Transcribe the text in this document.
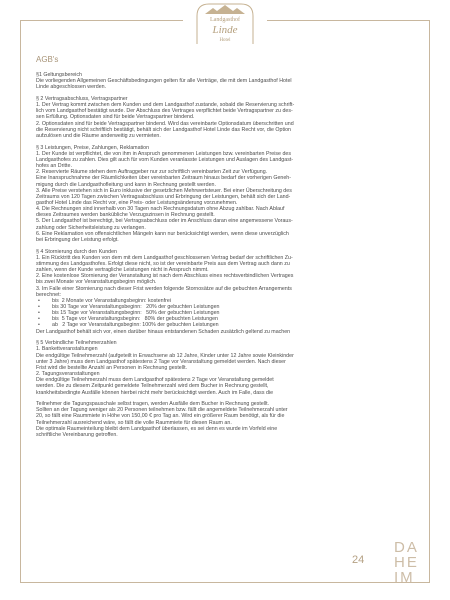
Landgasthof
Linde
Hotel
AGB's

§1 Geltungsbereich

Die vorliegenden Allgemeinen Geschäftsbedingungen gelten für alle Verträge, die mit dem Landgasthof Hotel

Linde abgeschlossen werden.

§ 2 Vertragsabschluss, Vertragspartner

1. Der Vertrag kommt zwischen dem Kunden und dem Landgasthof zustande, sobald die Reservierung schrift-

lich vom Landgasthof bestätigt wurde. Der Abschluss des Vertrages verpflichtet beide Vertragspartner zu des-

sen Erfüllung. Optionsdaten sind für beide Vertragspartner bindend.

2. Optionsdaten sind für beide Vertragspartner bindend. Wird das vereinbarte Optionsdatum überschritten und

die Reservierung nicht schriftlich bestätigt, behält sich der Landgasthof Hotel Linde das Recht vor, die Option

aufzulösen und die Räume anderweitig zu vermieten.

§ 3 Leistungen, Preise, Zahlungen, Reklamation

1. Der Kunde ist verpflichtet, die von ihm in Anspruch genommenen Leistungen bzw. vereinbarten Preise des

Landgasthofes zu zahlen. Dies gilt auch für vom Kunden veranlasste Leistungen und Auslagen des Landgast-

hofes an Dritte.

2. Reservierte Räume stehen dem Auftraggeber nur zur schriftlich vereinbarten Zeit zur Verfügung.

Eine Inanspruchnahme der Räumlichkeiten über vereinbarten Zeitraum hinaus bedarf der vorherigen Geneh-

migung durch die Landgasthofleitung und kann in Rechnung gestellt werden.

3. Alle Preise verstehen sich in Euro inklusive der gesetzlichen Mehrwertsteuer. Bei einer Überschreitung des

Zeitraums von 120 Tagen zwischen Vertragsabschluss und Erbringung der Leistungen, behält sich der Land-

gasthof Hotel Linde das Recht vor, eine Preis- oder Leistungsänderung vorzunehmen.

4. Die Rechnungen sind innerhalb von 30 Tagen nach Rechnungsdatum ohne Abzug zahlbar. Nach Ablauf

dieses Zeitraumes werden bankübliche Verzugszinsen in Rechnung gestellt.

5. Der Landgasthof ist berechtigt, bei Vertragsabschluss oder im Anschluss daran eine angemessene Voraus-

zahlung oder Sicherheitsleistung zu verlangen.

6. Eine Reklamation von offensichtlichen Mängeln kann nur berücksichtigt werden, wenn diese unverzüglich

bei Erbringung der Leistung erfolgt.

§ 4 Stornierung durch den Kunden

1. Ein Rücktritt des Kunden von dem mit dem Landgasthof geschlossenen Vertrag bedarf der schriftlichen Zu-

stimmung des Landgasthofes. Erfolgt diese nicht, so ist der vereinbarte Preis aus dem Vertrag auch dann zu

zahlen, wenn der Kunde vertragliche Leistungen nicht in Anspruch nimmt.

2. Eine kostenlose Stornierung der Veranstaltung ist nach dem Abschluss eines rechtsverbindlichen Vertrages

bis zwei Monate vor Veranstaltungsbeginn möglich.

3. Im Falle einer Stornierung nach dieser Frist werden folgende Stornosätze auf die gebuchten Arrangements

berechnet:

•	bis  2 Monate vor Veranstaltungsbeginn: kostenfrei
•	bis 30 Tage vor Veranstaltungsbeginn:   20% der gebuchten Leistungen
•	bis 15 Tage vor Veranstaltungsbeginn:   50% der gebuchten Leistungen
•	bis  5 Tage vor Veranstaltungsbeginn:   80% der gebuchten Leistungen
•	ab   2 Tage vor Veranstaltungsbeginn: 100% der gebuchten Leistungen

Der Landgasthof behält sich vor, einen darüber hinaus entstandenen Schaden zusätzlich geltend zu machen

§ 5 Verbindliche Teilnehmerzahlen

1. Bankettveranstaltungen

Die endgültige Teilnehmerzahl (aufgeteilt in Erwachsene ab 12 Jahre, Kinder unter 12 Jahre sowie Kleinkinder

unter 3 Jahre) muss dem Landgasthof spätestens 2 Tage vor Veranstaltung gemeldet werden. Nach dieser

Frist wird die bestellte Anzahl an Personen in Rechnung gestellt.

2. Tagungsveranstaltungen

Die endgültige Teilnehmerzahl muss dem Landgasthof spätestens 2 Tage vor Veranstaltung gemeldet

werden. Die zu diesem Zeitpunkt gemeldete Teilnehmerzahl wird dem Bucher in Rechnung gestellt,

krankheitsbedingte Ausfälle können hierbei nicht mehr berücksichtigt werden. Auch im Falle, dass die

Teilnehmer die Tagungspauschale selbst tragen, werden Ausfälle dem Bucher in Rechnung gestellt.

Sollten an der Tagung weniger als 20 Personen teilnehmen bzw. fällt die angemeldete Teilnehmerzahl unter

20, so fällt eine Raummiete in Höhe von 150,00 € pro Tag an. Wird ein größerer Raum benötigt, als für die

Teilnehmerzahl ausreichend wäre, so fällt die volle Raummiete für diesen Raum an.

Die optimale Raumeinteilung bleibt dem Landgasthof überlassen, es sei denn es wurde im Vorfeld eine

schriftliche Vereinbarung getroffen.

24
DA
HE
IM
